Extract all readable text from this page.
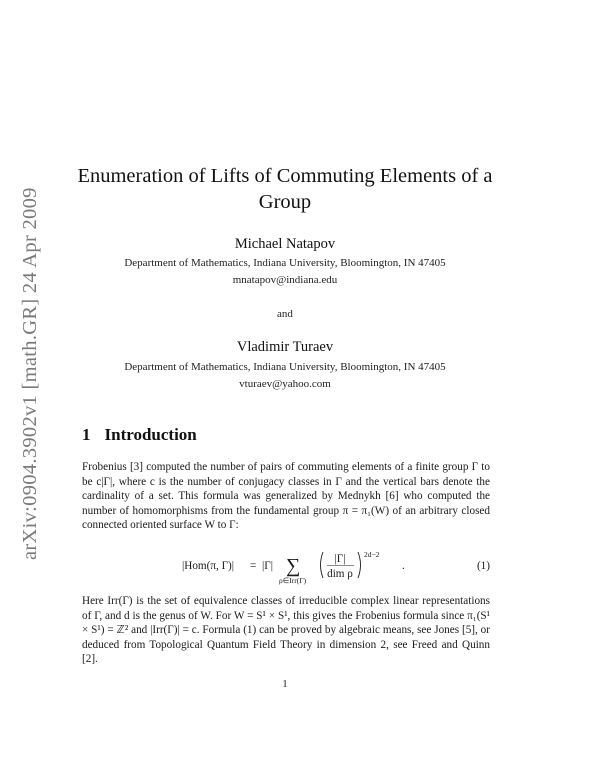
arXiv:0904.3902v1 [math.GR] 24 Apr 2009
Enumeration of Lifts of Commuting Elements of a Group
Michael Natapov
Department of Mathematics, Indiana University, Bloomington, IN 47405
mnatapov@indiana.edu
and
Vladimir Turaev
Department of Mathematics, Indiana University, Bloomington, IN 47405
vturaev@yahoo.com
1 Introduction
Frobenius [3] computed the number of pairs of commuting elements of a finite group Γ to be c|Γ|, where c is the number of conjugacy classes in Γ and the vertical bars denote the cardinality of a set. This formula was generalized by Mednykh [6] who computed the number of homomorphisms from the fundamental group π = π₁(W) of an arbitrary closed connected oriented surface W to Γ:
|Hom(π, Γ)| = |Γ| ∑
ρ∈Irr(Γ)
|Γ|
dim ρ
2d−2
.	(1)
Here Irr(Γ) is the set of equivalence classes of irreducible complex linear representations of Γ, and d is the genus of W. For W = S¹ × S¹, this gives the Frobenius formula since π₁(S¹ × S¹) = ℤ² and |Irr(Γ)| = c. Formula (1) can be proved by algebraic means, see Jones [5], or deduced from Topological Quantum Field Theory in dimension 2, see Freed and Quinn [2].
1
